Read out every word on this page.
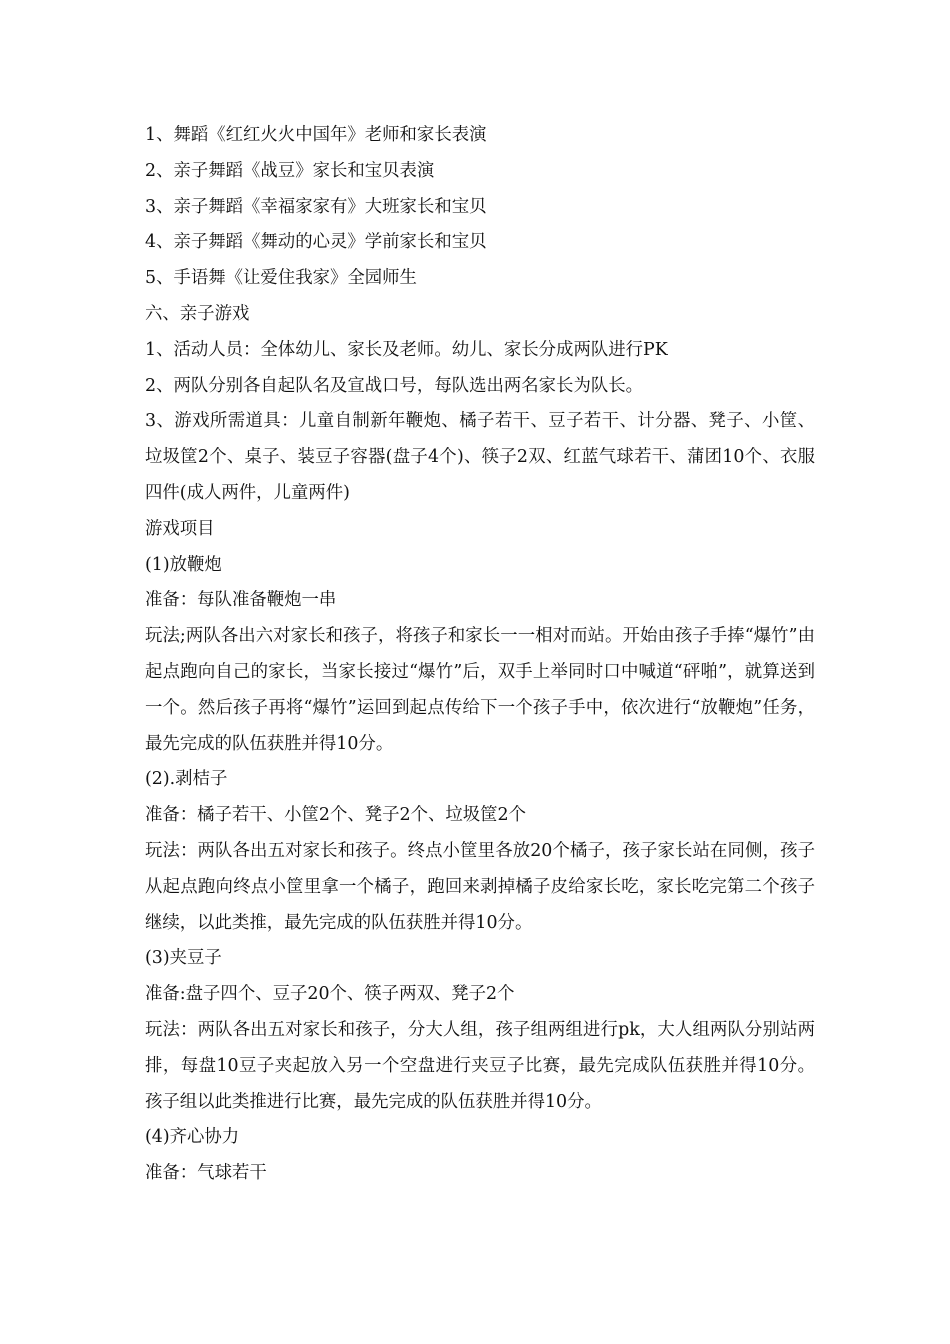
1、舞蹈《红红火火中国年》老师和家长表演
2、亲子舞蹈《战豆》家长和宝贝表演
3、亲子舞蹈《幸福家家有》大班家长和宝贝
4、亲子舞蹈《舞动的心灵》学前家长和宝贝
5、手语舞《让爱住我家》全园师生
六、亲子游戏
1、活动人员：全体幼儿、家长及老师。幼儿、家长分成两队进行PK
2、两队分别各自起队名及宣战口号，每队选出两名家长为队长。
3、游戏所需道具：儿童自制新年鞭炮、橘子若干、豆子若干、计分器、凳子、小筐、垃圾筐2个、桌子、装豆子容器(盘子4个)、筷子2双、红蓝气球若干、蒲团10个、衣服四件(成人两件，儿童两件)
游戏项目
(1)放鞭炮
准备：每队准备鞭炮一串
玩法;两队各出六对家长和孩子，将孩子和家长一一相对而站。开始由孩子手捧“爆竹”由起点跑向自己的家长，当家长接过“爆竹”后，双手上举同时口中喊道“砰啪”，就算送到一个。然后孩子再将“爆竹”运回到起点传给下一个孩子手中，依次进行“放鞭炮”任务，最先完成的队伍获胜并得10分。
(2).剥桔子
准备：橘子若干、小筐2个、凳子2个、垃圾筐2个
玩法：两队各出五对家长和孩子。终点小筐里各放20个橘子，孩子家长站在同侧，孩子从起点跑向终点小筐里拿一个橘子，跑回来剥掉橘子皮给家长吃，家长吃完第二个孩子继续，以此类推，最先完成的队伍获胜并得10分。
(3)夹豆子
准备:盘子四个、豆子20个、筷子两双、凳子2个
玩法：两队各出五对家长和孩子，分大人组，孩子组两组进行pk，大人组两队分别站两排，每盘10豆子夹起放入另一个空盘进行夹豆子比赛，最先完成队伍获胜并得10分。孩子组以此类推进行比赛，最先完成的队伍获胜并得10分。
(4)齐心协力
准备：气球若干
